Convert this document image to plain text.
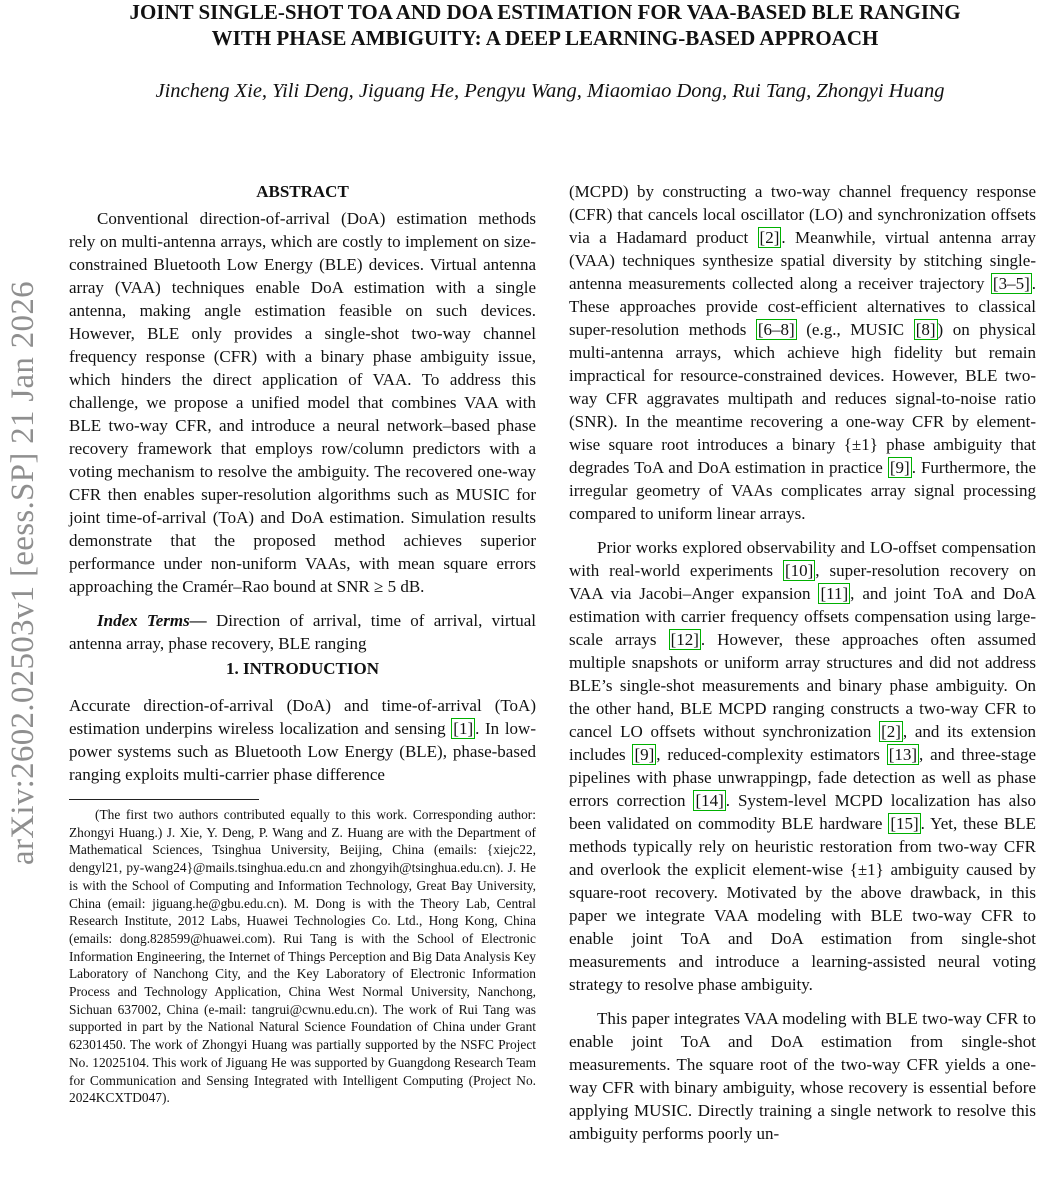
arXiv:2602.02503v1 [eess.SP] 21 Jan 2026
JOINT SINGLE-SHOT TOA AND DOA ESTIMATION FOR VAA-BASED BLE RANGING
WITH PHASE AMBIGUITY: A DEEP LEARNING-BASED APPROACH

Jincheng Xie, Yili Deng, Jiguang He, Pengyu Wang, Miaomiao Dong, Rui Tang, Zhongyi Huang

ABSTRACT

Conventional direction-of-arrival (DoA) estimation methods rely on multi-antenna arrays, which are costly to implement on size-constrained Bluetooth Low Energy (BLE) devices. Virtual antenna array (VAA) techniques enable DoA estimation with a single antenna, making angle estimation feasible on such devices. However, BLE only provides a single-shot two-way channel frequency response (CFR) with a binary phase ambiguity issue, which hinders the direct application of VAA. To address this challenge, we propose a unified model that combines VAA with BLE two-way CFR, and introduce a neural network–based phase recovery framework that employs row/column predictors with a voting mechanism to resolve the ambiguity. The recovered one-way CFR then enables super-resolution algorithms such as MUSIC for joint time-of-arrival (ToA) and DoA estimation. Simulation results demonstrate that the proposed method achieves superior performance under non-uniform VAAs, with mean square errors approaching the Cramér–Rao bound at SNR ≥ 5 dB.

Index Terms— Direction of arrival, time of arrival, virtual antenna array, phase recovery, BLE ranging

1. INTRODUCTION

Accurate direction-of-arrival (DoA) and time-of-arrival (ToA) estimation underpins wireless localization and sensing [1] . In low-power systems such as Bluetooth Low Energy (BLE), phase-based ranging exploits multi-carrier phase difference

(The first two authors contributed equally to this work. Corresponding author: Zhongyi Huang.) J. Xie, Y. Deng, P. Wang and Z. Huang are with the Department of Mathematical Sciences, Tsinghua University, Beijing, China (emails: {xiejc22, dengyl21, py-wang24}@mails.tsinghua.edu.cn and zhongyih@tsinghua.edu.cn). J. He is with the School of Computing and Information Technology, Great Bay University, China (email: jiguang.he@gbu.edu.cn). M. Dong is with the Theory Lab, Central Research Institute, 2012 Labs, Huawei Technologies Co. Ltd., Hong Kong, China (emails: dong.828599@huawei.com). Rui Tang is with the School of Electronic Information Engineering, the Internet of Things Perception and Big Data Analysis Key Laboratory of Nanchong City, and the Key Laboratory of Electronic Information Process and Technology Application, China West Normal University, Nanchong, Sichuan 637002, China (e-mail: tangrui@cwnu.edu.cn). The work of Rui Tang was supported in part by the National Natural Science Foundation of China under Grant 62301450. The work of Zhongyi Huang was partially supported by the NSFC Project No. 12025104. This work of Jiguang He was supported by Guangdong Research Team for Communication and Sensing Integrated with Intelligent Computing (Project No. 2024KCXTD047).

(MCPD) by constructing a two-way channel frequency response (CFR) that cancels local oscillator (LO) and synchronization offsets via a Hadamard product [2] . Meanwhile, virtual antenna array (VAA) techniques synthesize spatial diversity by stitching single-antenna measurements collected along a receiver trajectory [3–5] . These approaches provide cost-efficient alternatives to classical super-resolution methods [6–8] (e.g., MUSIC [8] ) on physical multi-antenna arrays, which achieve high fidelity but remain impractical for resource-constrained devices. However, BLE two-way CFR aggravates multipath and reduces signal-to-noise ratio (SNR). In the meantime recovering a one-way CFR by element-wise square root introduces a binary {±1} phase ambiguity that degrades ToA and DoA estimation in practice [9] . Furthermore, the irregular geometry of VAAs complicates array signal processing compared to uniform linear arrays.

Prior works explored observability and LO-offset compensation with real-world experiments [10] , super-resolution recovery on VAA via Jacobi–Anger expansion [11] , and joint ToA and DoA estimation with carrier frequency offsets compensation using large-scale arrays [12] . However, these approaches often assumed multiple snapshots or uniform array structures and did not address BLE’s single-shot measurements and binary phase ambiguity. On the other hand, BLE MCPD ranging constructs a two-way CFR to cancel LO offsets without synchronization [2] , and its extension includes [9] , reduced-complexity estimators [13] , and three-stage pipelines with phase unwrappingp, fade detection as well as phase errors correction [14] . System-level MCPD localization has also been validated on commodity BLE hardware [15] . Yet, these BLE methods typically rely on heuristic restoration from two-way CFR and overlook the explicit element-wise {±1} ambiguity caused by square-root recovery. Motivated by the above drawback, in this paper we integrate VAA modeling with BLE two-way CFR to enable joint ToA and DoA estimation from single-shot measurements and introduce a learning-assisted neural voting strategy to resolve phase ambiguity.

This paper integrates VAA modeling with BLE two-way CFR to enable joint ToA and DoA estimation from single-shot measurements. The square root of the two-way CFR yields a one-way CFR with binary ambiguity, whose recovery is essential before applying MUSIC. Directly training a single network to resolve this ambiguity performs poorly un-
